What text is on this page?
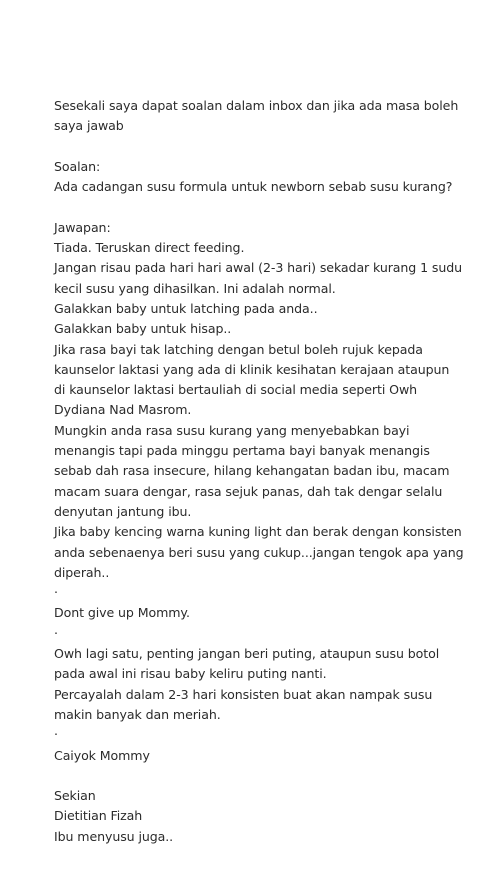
Sesekali saya dapat soalan dalam inbox dan jika ada masa boleh saya jawab

Soalan:

Ada cadangan susu formula untuk newborn sebab susu kurang?

Jawapan:

Tiada. Teruskan direct feeding.

Jangan risau pada hari hari awal (2-3 hari) sekadar kurang 1 sudu kecil susu yang dihasilkan. Ini adalah normal.

Galakkan baby untuk latching pada anda..

Galakkan baby untuk hisap..

Jika rasa bayi tak latching dengan betul boleh rujuk kepada kaunselor laktasi yang ada di klinik kesihatan kerajaan ataupun di kaunselor laktasi bertauliah di social media seperti Owh Dydiana Nad Masrom.

Mungkin anda rasa susu kurang yang menyebabkan bayi menangis tapi pada minggu pertama bayi banyak menangis sebab dah rasa insecure, hilang kehangatan badan ibu, macam macam suara dengar, rasa sejuk panas, dah tak dengar selalu denyutan jantung ibu.

Jika baby kencing warna kuning light dan berak dengan konsisten anda sebenaenya beri susu yang cukup...jangan tengok apa yang diperah..

.

Dont give up Mommy.

.

Owh lagi satu, penting jangan beri puting, ataupun susu botol pada awal ini risau baby keliru puting nanti.

Percayalah dalam 2-3 hari konsisten buat akan nampak susu makin banyak dan meriah.

.

Caiyok Mommy

Sekian

Dietitian Fizah

Ibu menyusu juga..
